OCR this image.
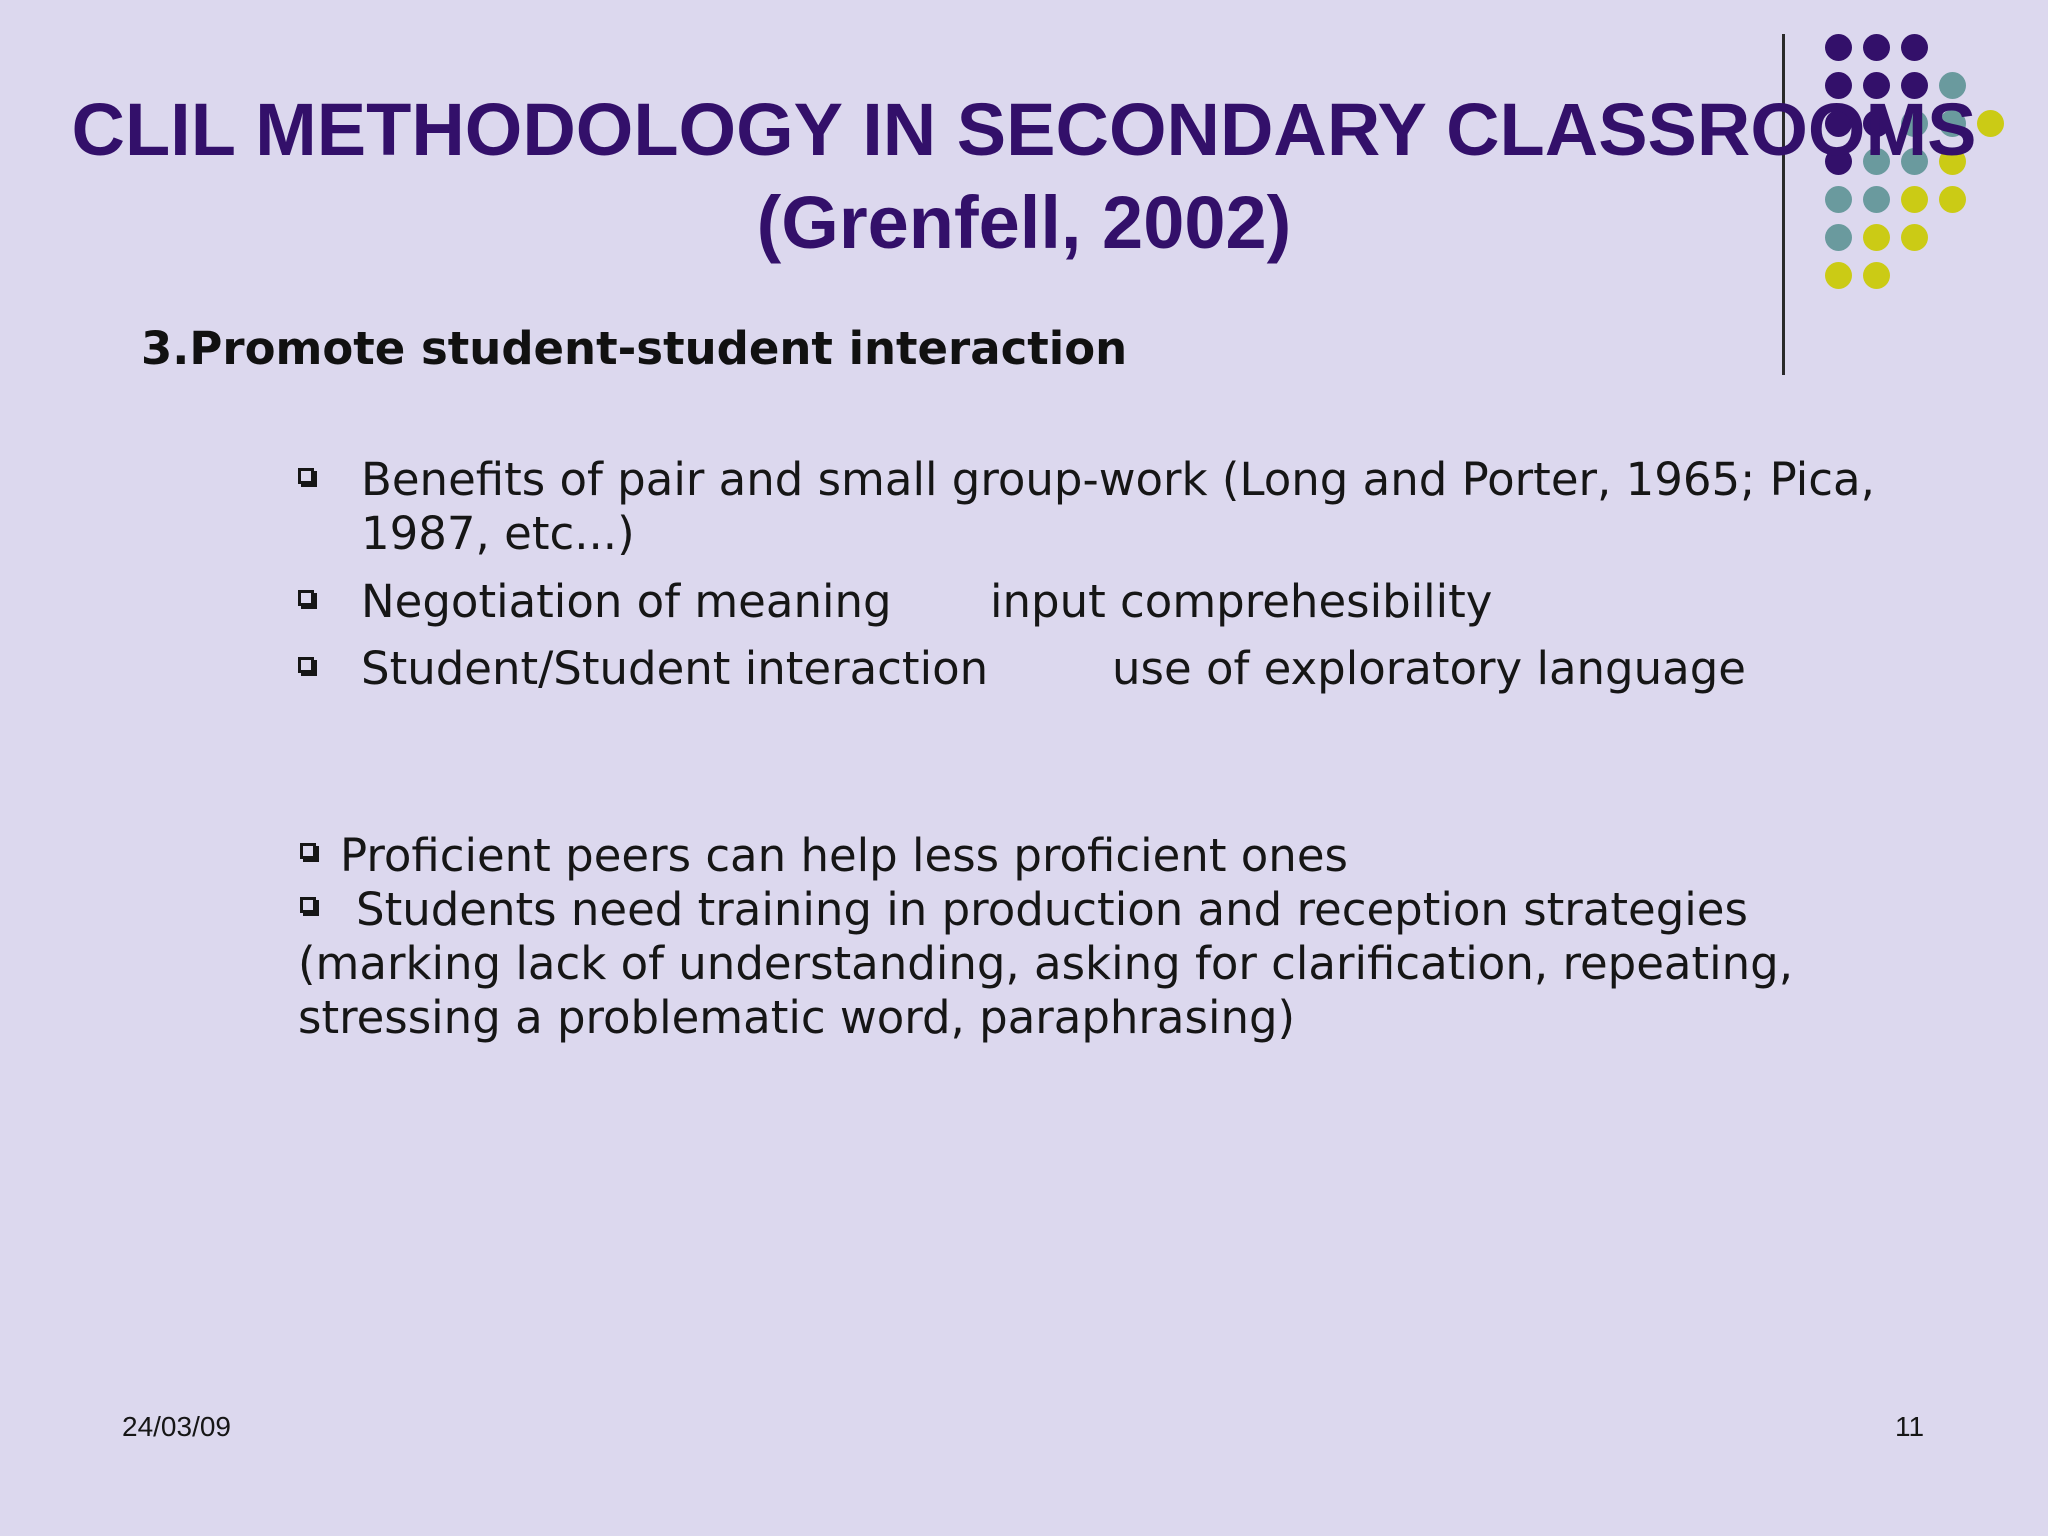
CLIL METHODOLOGY IN SECONDARY CLASSROOMS
(Grenfell, 2002)
3.Promote student-student interaction
Benefits of pair and small group-work (Long and Porter, 1965; Pica,
1987, etc...)
Negotiation of meaning input comprehesibility
Student/Student interaction	use of exploratory language
Proficient peers can help less proficient ones
Students need training in production and reception strategies
(marking lack of understanding, asking for clarification, repeating,
stressing a problematic word, paraphrasing)
24/03/09	11
